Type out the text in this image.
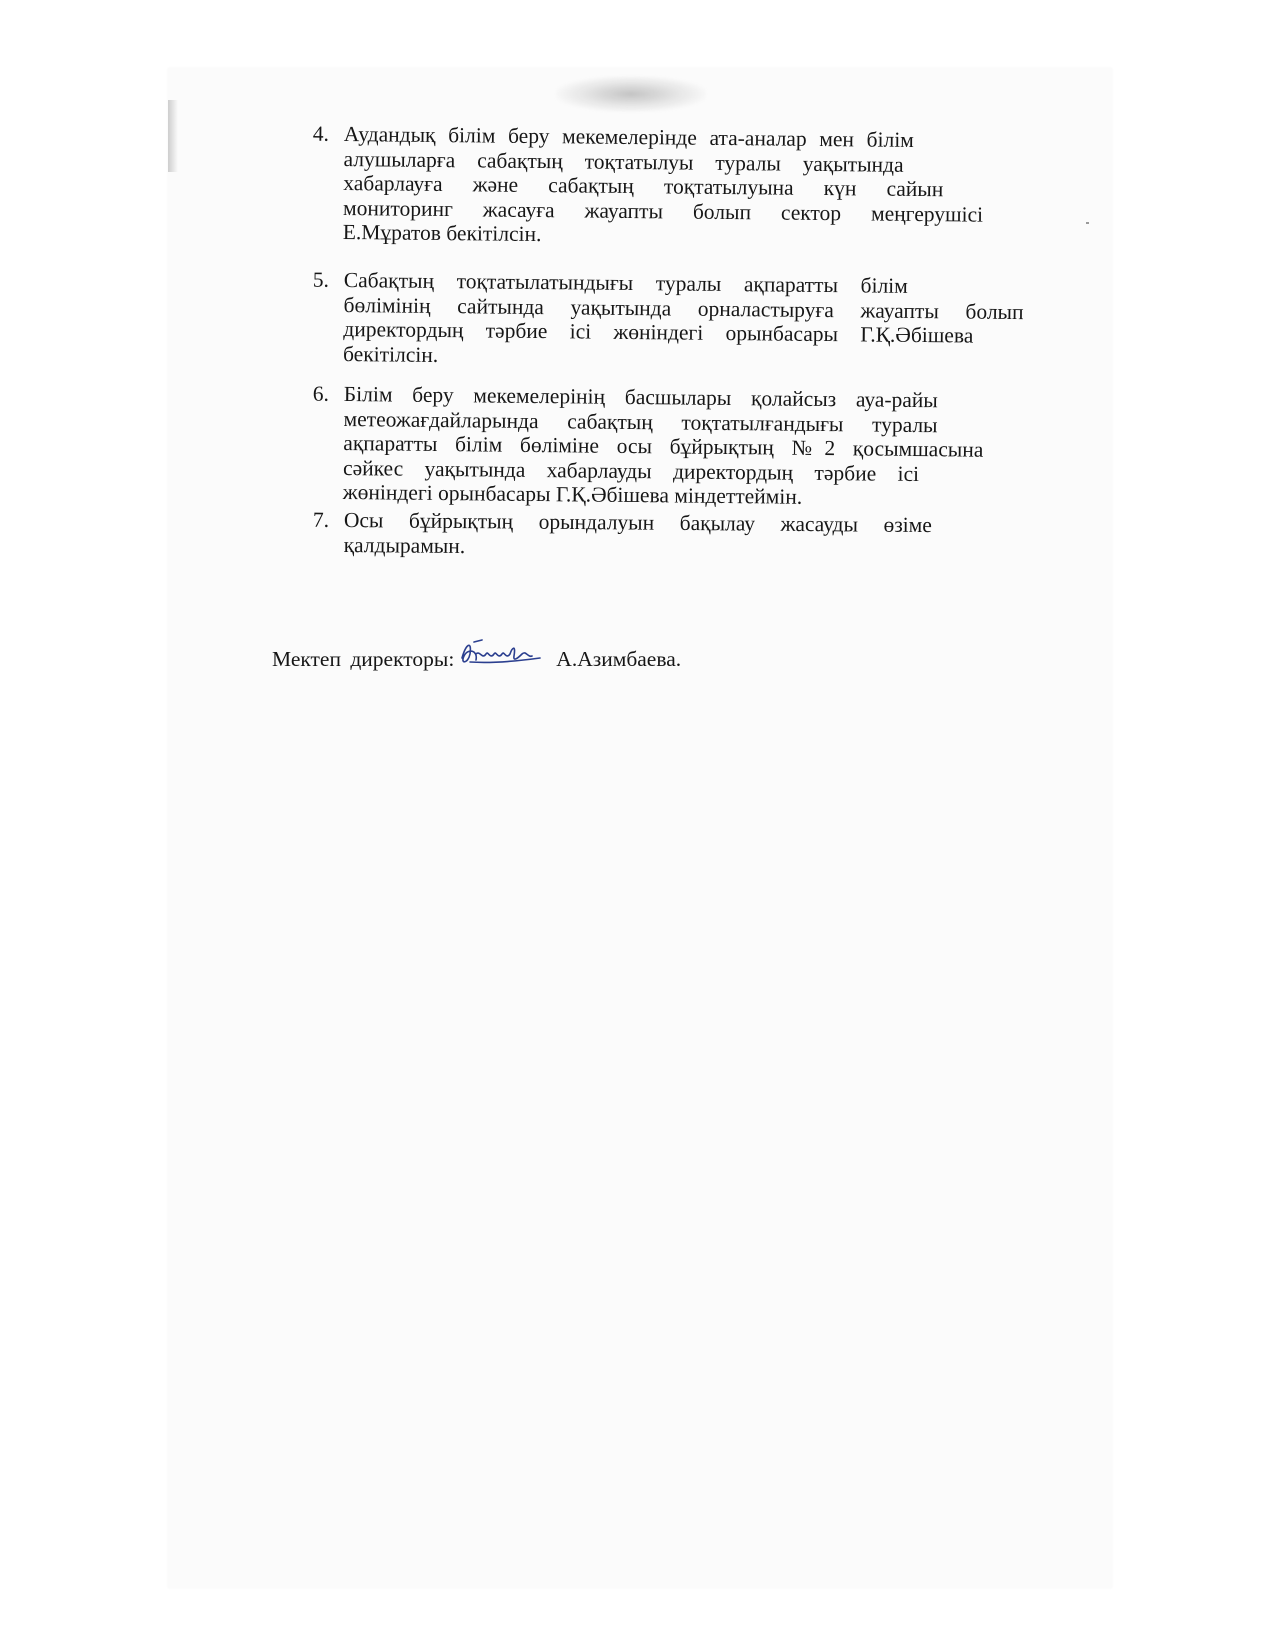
4. Аудандық білім беру мекемелерінде ата-аналар мен білім
алушыларға сабақтың тоқтатылуы туралы уақытында
хабарлауға және сабақтың тоқтатылуына күн сайын
мониторинг жасауға жауапты болып сектор меңгерушісі
Е.Мұратов бекітілсін.
5. Сабақтың тоқтатылатындығы туралы ақпаратты білім
бөлімінің сайтында уақытында орналастыруға жауапты болып
директордың тәрбие ісі жөніндегі орынбасары Г.Қ.Әбішева
бекітілсін.
6. Білім беру мекемелерінің басшылары қолайсыз ауа-райы
метеожағдайларында сабақтың тоқтатылғандығы туралы
ақпаратты білім бөліміне осы бұйрықтың №2 қосымшасына
сәйкес уақытында хабарлауды директордың тәрбие ісі
жөніндегі орынбасары Г.Қ.Әбішева міндеттеймін.
7. Осы бұйрықтың орындалуын бақылау жасауды өзіме
қалдырамын.
Мектеп директоры:	А.Азимбаева.
